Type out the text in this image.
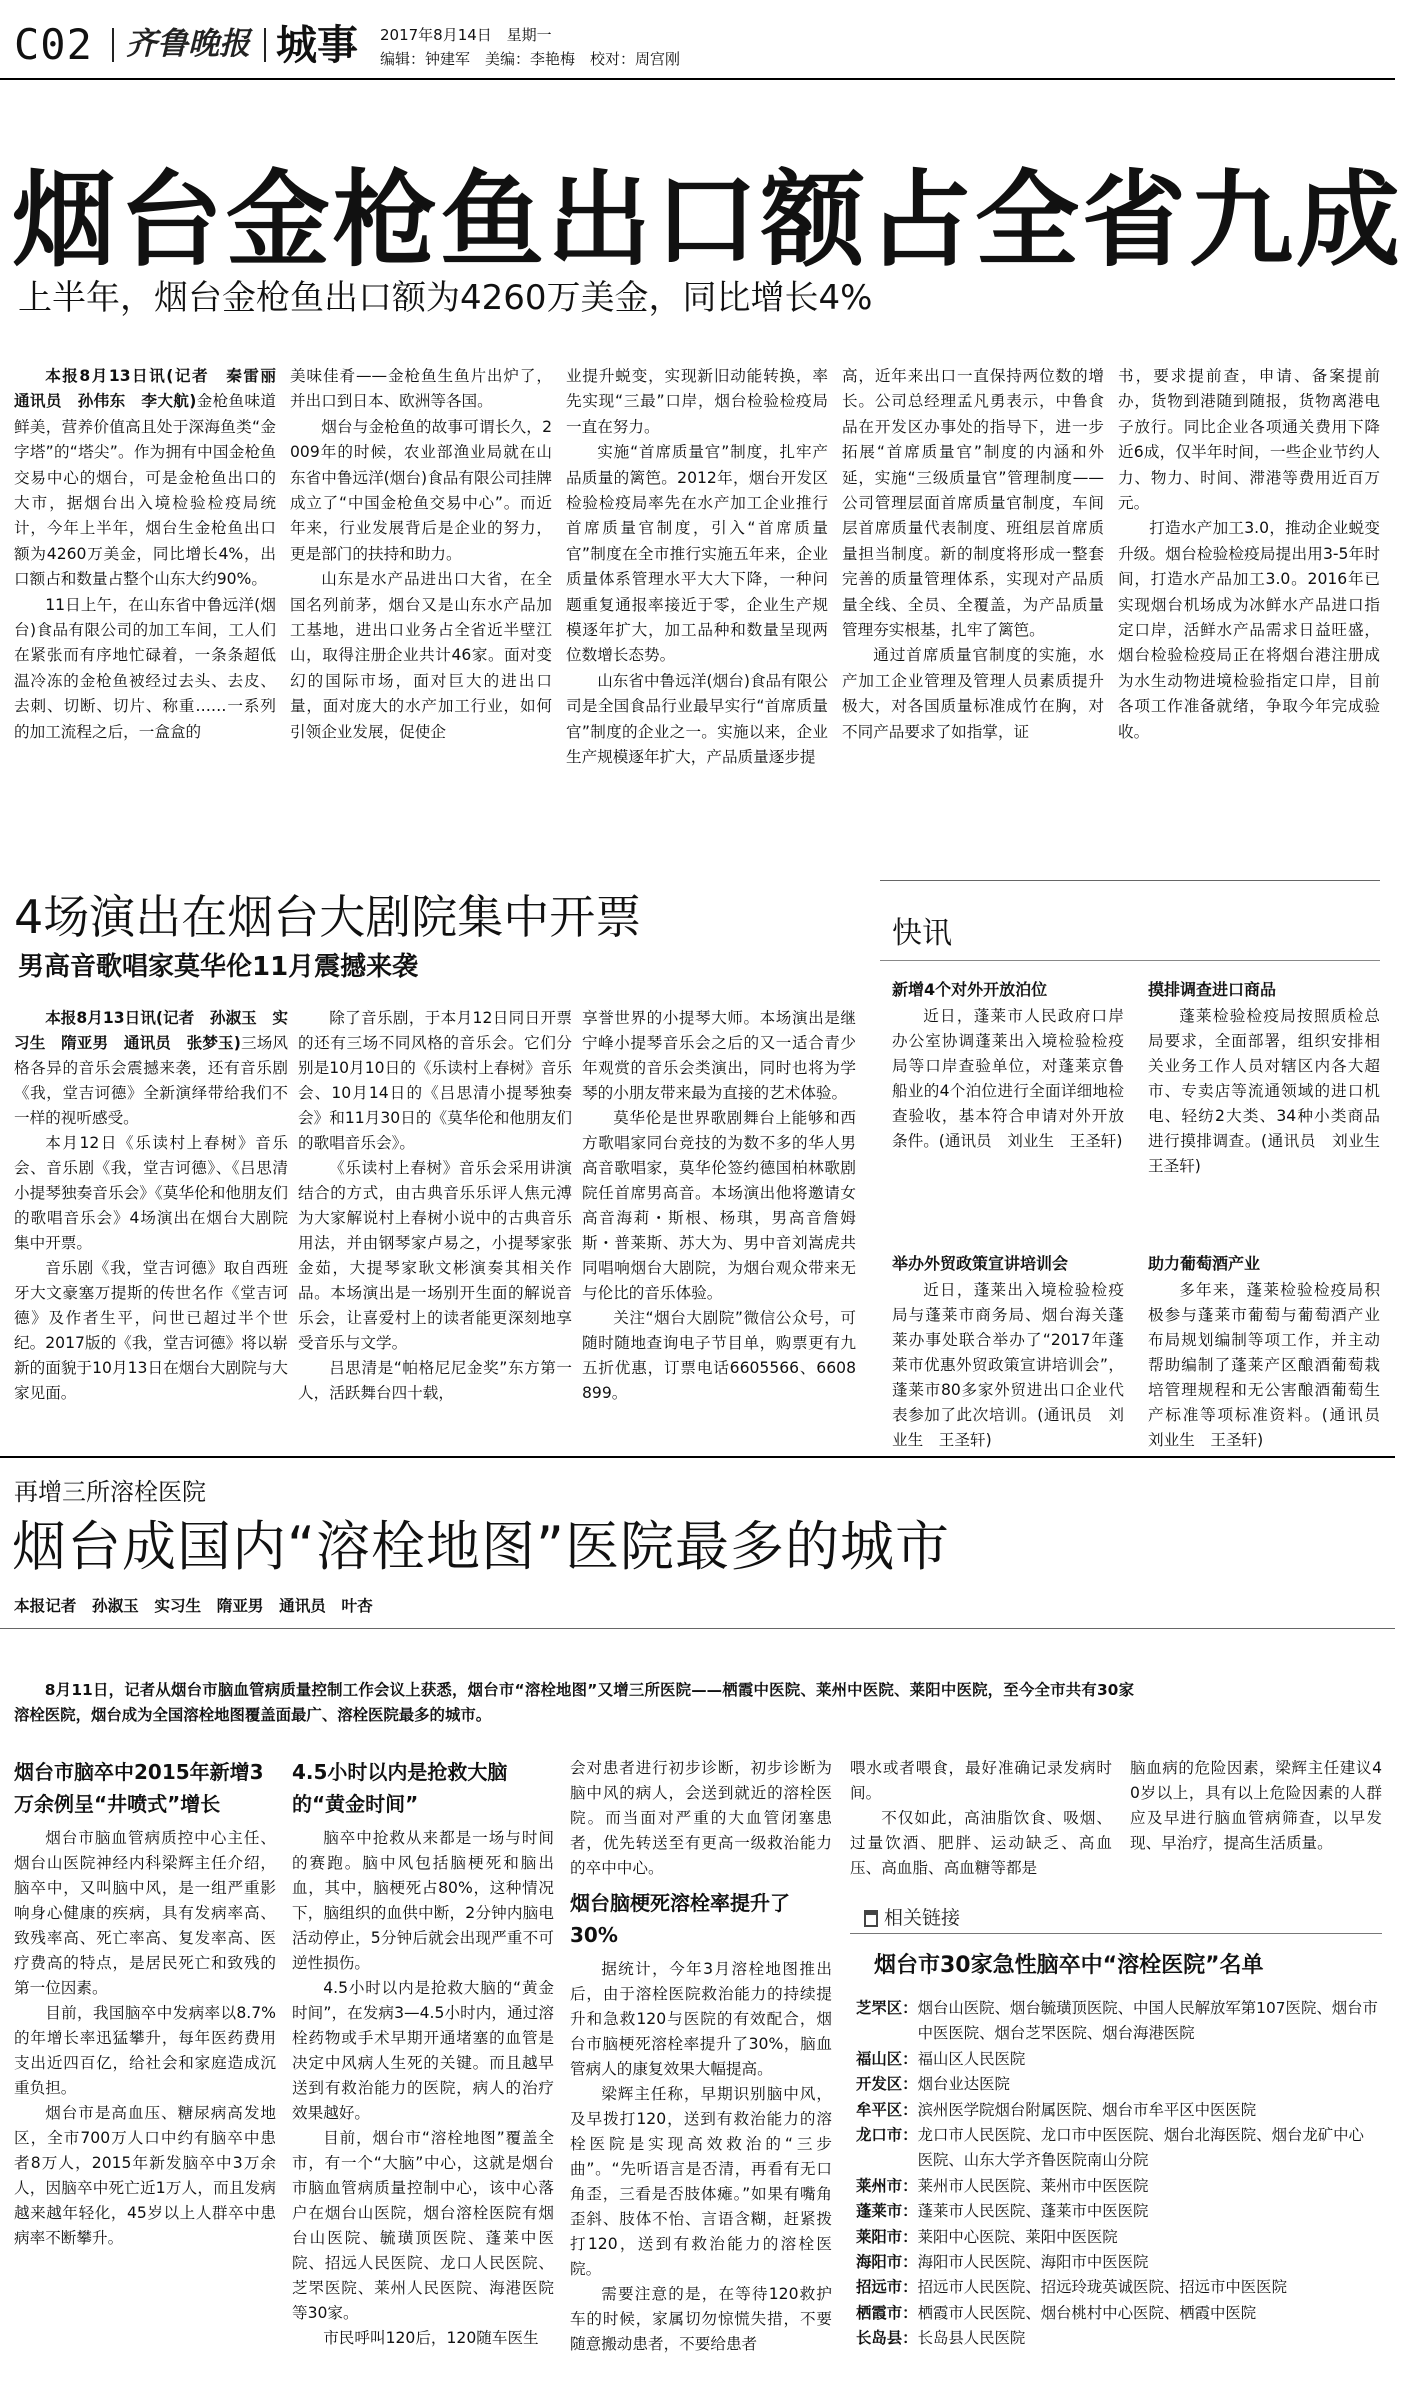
C02 齐鲁晚报 城事 2017年8月14日 星期一
编辑：钟建军　美编：李艳梅　校对：周宫刚
烟台金枪鱼出口额占全省九成
上半年，烟台金枪鱼出口额为4260万美金，同比增长4%

本报8月13日讯(记者　秦雷丽　通讯员　孙伟东　李大航)金枪鱼味道鲜美，营养价值高且处于深海鱼类“金字塔”的“塔尖”。作为拥有中国金枪鱼交易中心的烟台，可是金枪鱼出口的大市，据烟台出入境检验检疫局统计，今年上半年，烟台生金枪鱼出口额为4260万美金，同比增长4%，出口额占和数量占整个山东大约90%。

11日上午，在山东省中鲁远洋(烟台)食品有限公司的加工车间，工人们在紧张而有序地忙碌着，一条条超低温冷冻的金枪鱼被经过去头、去皮、去刺、切断、切片、称重……一系列的加工流程之后，一盒盒的

美味佳肴——金枪鱼生鱼片出炉了，并出口到日本、欧洲等各国。

烟台与金枪鱼的故事可谓长久，2009年的时候，农业部渔业局就在山东省中鲁远洋(烟台)食品有限公司挂牌成立了“中国金枪鱼交易中心”。而近年来，行业发展背后是企业的努力，更是部门的扶持和助力。

山东是水产品进出口大省，在全国名列前茅，烟台又是山东水产品加工基地，进出口业务占全省近半壁江山，取得注册企业共计46家。面对变幻的国际市场，面对巨大的进出口量，面对庞大的水产加工行业，如何引领企业发展，促使企

业提升蜕变，实现新旧动能转换，率先实现“三最”口岸，烟台检验检疫局一直在努力。

实施“首席质量官”制度，扎牢产品质量的篱笆。2012年，烟台开发区检验检疫局率先在水产加工企业推行首席质量官制度，引入“首席质量官”制度在全市推行实施五年来，企业质量体系管理水平大大下降，一种问题重复通报率接近于零，企业生产规模逐年扩大，加工品种和数量呈现两位数增长态势。

山东省中鲁远洋(烟台)食品有限公司是全国食品行业最早实行“首席质量官”制度的企业之一。实施以来，企业生产规模逐年扩大，产品质量逐步提

高，近年来出口一直保持两位数的增长。公司总经理孟凡勇表示，中鲁食品在开发区办事处的指导下，进一步拓展“首席质量官”制度的内涵和外延，实施“三级质量官”管理制度——公司管理层面首席质量官制度，车间层首席质量代表制度、班组层首席质量担当制度。新的制度将形成一整套完善的质量管理体系，实现对产品质量全线、全员、全覆盖，为产品质量管理夯实根基，扎牢了篱笆。

通过首席质量官制度的实施，水产加工企业管理及管理人员素质提升极大，对各国质量标准成竹在胸，对不同产品要求了如指掌，证

书，要求提前查，申请、备案提前办，货物到港随到随报，货物离港电子放行。同比企业各项通关费用下降近6成，仅半年时间，一些企业节约人力、物力、时间、滞港等费用近百万元。

打造水产加工3.0，推动企业蜕变升级。烟台检验检疫局提出用3-5年时间，打造水产品加工3.0。2016年已实现烟台机场成为冰鲜水产品进口指定口岸，活鲜水产品需求日益旺盛，烟台检验检疫局正在将烟台港注册成为水生动物进境检验指定口岸，目前各项工作准备就绪，争取今年完成验收。

4场演出在烟台大剧院集中开票
男高音歌唱家莫华伦11月震撼来袭

本报8月13日讯(记者　孙淑玉　实习生　隋亚男　通讯员　张梦玉)三场风格各异的音乐会震撼来袭，还有音乐剧《我，堂吉诃德》全新演绎带给我们不一样的视听感受。

本月12日《乐读村上春树》音乐会、音乐剧《我，堂吉诃德》、《吕思清小提琴独奏音乐会》《莫华伦和他朋友们的歌唱音乐会》4场演出在烟台大剧院集中开票。

音乐剧《我，堂吉诃德》取自西班牙大文豪塞万提斯的传世名作《堂吉诃德》及作者生平，问世已超过半个世纪。2017版的《我，堂吉诃德》将以崭新的面貌于10月13日在烟台大剧院与大家见面。

除了音乐剧，于本月12日同日开票的还有三场不同风格的音乐会。它们分别是10月10日的《乐读村上春树》音乐会、10月14日的《吕思清小提琴独奏会》和11月30日的《莫华伦和他朋友们的歌唱音乐会》。

《乐读村上春树》音乐会采用讲演结合的方式，由古典音乐乐评人焦元溥为大家解说村上春树小说中的古典音乐用法，并由钢琴家卢易之，小提琴家张金茹，大提琴家耿文彬演奏其相关作品。本场演出是一场别开生面的解说音乐会，让喜爱村上的读者能更深刻地享受音乐与文学。

吕思清是“帕格尼尼金奖”东方第一人，活跃舞台四十载，

享誉世界的小提琴大师。本场演出是继宁峰小提琴音乐会之后的又一适合青少年观赏的音乐会类演出，同时也将为学琴的小朋友带来最为直接的艺术体验。

莫华伦是世界歌剧舞台上能够和西方歌唱家同台竞技的为数不多的华人男高音歌唱家，莫华伦签约德国柏林歌剧院任首席男高音。本场演出他将邀请女高音海莉・斯根、杨琪，男高音詹姆斯・普莱斯、苏大为、男中音刘嵩虎共同唱响烟台大剧院，为烟台观众带来无与伦比的音乐体验。

关注“烟台大剧院”微信公众号，可随时随地查询电子节目单，购票更有九五折优惠，订票电话6605566、6608899。

快讯
新增4个对外开放泊位

近日，蓬莱市人民政府口岸办公室协调蓬莱出入境检验检疫局等口岸查验单位，对蓬莱京鲁船业的4个泊位进行全面详细地检查验收，基本符合申请对外开放条件。(通讯员　刘业生　王圣轩)

摸排调查进口商品

蓬莱检验检疫局按照质检总局要求，全面部署，组织安排相关业务工作人员对辖区内各大超市、专卖店等流通领域的进口机电、轻纺2大类、34种小类商品进行摸排调查。(通讯员　刘业生　王圣轩)

举办外贸政策宣讲培训会

近日，蓬莱出入境检验检疫局与蓬莱市商务局、烟台海关蓬莱办事处联合举办了“2017年蓬莱市优惠外贸政策宣讲培训会”，蓬莱市80多家外贸进出口企业代表参加了此次培训。(通讯员　刘业生　王圣轩)

助力葡萄酒产业

多年来，蓬莱检验检疫局积极参与蓬莱市葡萄与葡萄酒产业布局规划编制等项工作，并主动帮助编制了蓬莱产区酿酒葡萄栽培管理规程和无公害酿酒葡萄生产标准等项标准资料。(通讯员　刘业生　王圣轩)

再增三所溶栓医院
烟台成国内“溶栓地图”医院最多的城市
本报记者　孙淑玉　实习生　隋亚男　通讯员　叶杏

8月11日，记者从烟台市脑血管病质量控制工作会议上获悉，烟台市“溶栓地图”又增三所医院——栖霞中医院、莱州中医院、莱阳中医院，至今全市共有30家溶栓医院，烟台成为全国溶栓地图覆盖面最广、溶栓医院最多的城市。

烟台市脑卒中2015年新增3万余例呈“井喷式”增长

烟台市脑血管病质控中心主任、烟台山医院神经内科梁辉主任介绍，脑卒中，又叫脑中风，是一组严重影响身心健康的疾病，具有发病率高、致残率高、死亡率高、复发率高、医疗费高的特点，是居民死亡和致残的第一位因素。

目前，我国脑卒中发病率以8.7%的年增长率迅猛攀升，每年医药费用支出近四百亿，给社会和家庭造成沉重负担。

烟台市是高血压、糖尿病高发地区，全市700万人口中约有脑卒中患者8万人，2015年新发脑卒中3万余人，因脑卒中死亡近1万人，而且发病越来越年轻化，45岁以上人群卒中患病率不断攀升。

4.5小时以内是抢救大脑的“黄金时间”

脑卒中抢救从来都是一场与时间的赛跑。脑中风包括脑梗死和脑出血，其中，脑梗死占80%，这种情况下，脑组织的血供中断，2分钟内脑电活动停止，5分钟后就会出现严重不可逆性损伤。

4.5小时以内是抢救大脑的“黄金时间”，在发病3—4.5小时内，通过溶栓药物或手术早期开通堵塞的血管是决定中风病人生死的关键。而且越早送到有救治能力的医院，病人的治疗效果越好。

目前，烟台市“溶栓地图”覆盖全市，有一个“大脑”中心，这就是烟台市脑血管病质量控制中心，该中心落户在烟台山医院，烟台溶栓医院有烟台山医院、毓璜顶医院、蓬莱中医院、招远人民医院、龙口人民医院、芝罘医院、莱州人民医院、海港医院等30家。

市民呼叫120后，120随车医生

会对患者进行初步诊断，初步诊断为脑中风的病人，会送到就近的溶栓医院。而当面对严重的大血管闭塞患者，优先转送至有更高一级救治能力的卒中中心。

烟台脑梗死溶栓率提升了30%

据统计，今年3月溶栓地图推出后，由于溶栓医院救治能力的持续提升和急救120与医院的有效配合，烟台市脑梗死溶栓率提升了30%，脑血管病人的康复效果大幅提高。

梁辉主任称，早期识别脑中风，及早拨打120，送到有救治能力的溶栓医院是实现高效救治的“三步曲”。“先听语言是否清，再看有无口角歪，三看是否肢体瘫。”如果有嘴角歪斜、肢体不怡、言语含糊，赶紧拨打120，送到有救治能力的溶栓医院。

需要注意的是，在等待120救护车的时候，家属切勿惊慌失措，不要随意搬动患者，不要给患者

喂水或者喂食，最好准确记录发病时间。

不仅如此，高油脂饮食、吸烟、过量饮酒、肥胖、运动缺乏、高血压、高血脂、高血糖等都是

脑血病的危险因素，梁辉主任建议40岁以上，具有以上危险因素的人群应及早进行脑血管病筛查，以早发现、早治疗，提高生活质量。

相关链接
烟台市30家急性脑卒中“溶栓医院”名单
芝罘区： 烟台山医院、烟台毓璜顶医院、中国人民解放军第107医院、烟台市中医医院、烟台芝罘医院、烟台海港医院
福山区： 福山区人民医院
开发区： 烟台业达医院
牟平区： 滨州医学院烟台附属医院、烟台市牟平区中医医院
龙口市： 龙口市人民医院、龙口市中医医院、烟台北海医院、烟台龙矿中心医院、山东大学齐鲁医院南山分院
莱州市： 莱州市人民医院、莱州市中医医院
蓬莱市： 蓬莱市人民医院、蓬莱市中医医院
莱阳市： 莱阳中心医院、莱阳中医医院
海阳市： 海阳市人民医院、海阳市中医医院
招远市： 招远市人民医院、招远玲珑英诚医院、招远市中医医院
栖霞市： 栖霞市人民医院、烟台桃村中心医院、栖霞中医院
长岛县： 长岛县人民医院
